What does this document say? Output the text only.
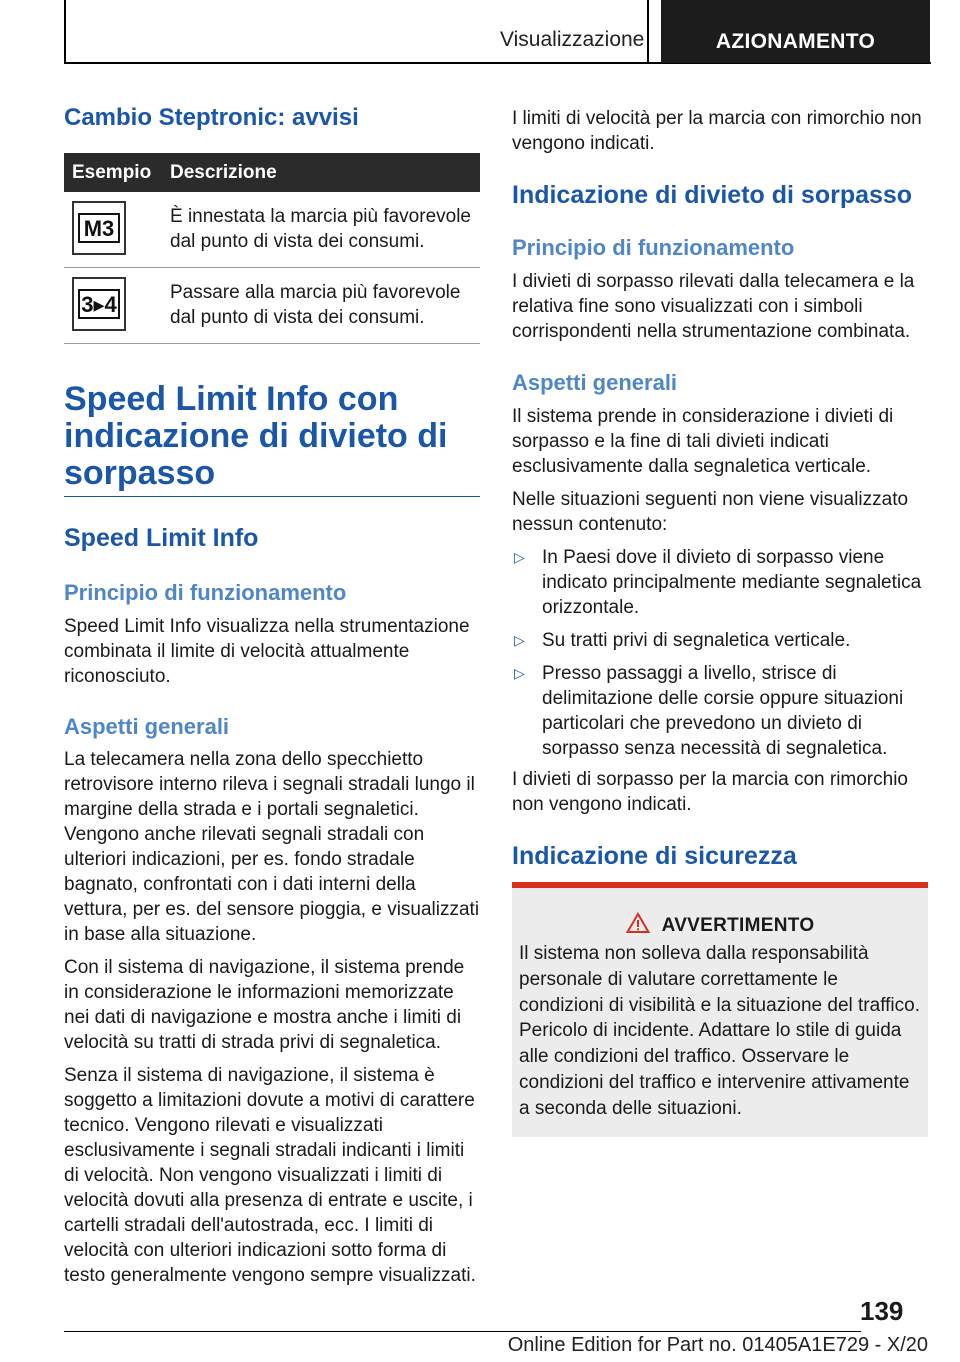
Visualizzazione	AZIONAMENTO
Cambio Steptronic: avvisi
Esempio Descrizione
M3	È innestata la marcia più favorevole dal punto di vista dei consumi.
3▸4	Passare alla marcia più favorevole dal punto di vista dei consumi.
Speed Limit Info con
indicazione di divieto di
sorpasso
Speed Limit Info
Principio di funzionamento

Speed Limit Info visualizza nella strumentazione combinata il limite di velocità attualmente riconosciuto.

Aspetti generali

La telecamera nella zona dello specchietto retrovisore interno rileva i segnali stradali lungo il margine della strada e i portali segnaletici. Vengono anche rilevati segnali stradali con ulteriori indicazioni, per es. fondo stradale bagnato, confrontati con i dati interni della vettura, per es. del sensore pioggia, e visualizzati in base alla situazione.

Con il sistema di navigazione, il sistema prende in considerazione le informazioni memorizzate nei dati di navigazione e mostra anche i limiti di velocità su tratti di strada privi di segnaletica.

Senza il sistema di navigazione, il sistema è soggetto a limitazioni dovute a motivi di carattere tecnico. Vengono rilevati e visualizzati esclusivamente i segnali stradali indicanti i limiti di velocità. Non vengono visualizzati i limiti di velocità dovuti alla presenza di entrate e uscite, i cartelli stradali dell'autostrada, ecc. I limiti di velocità con ulteriori indicazioni sotto forma di testo generalmente vengono sempre visualizzati.

I limiti di velocità per la marcia con rimorchio non vengono indicati.

Indicazione di divieto di sorpasso
Principio di funzionamento

I divieti di sorpasso rilevati dalla telecamera e la relativa fine sono visualizzati con i simboli corrispondenti nella strumentazione combinata.

Aspetti generali

Il sistema prende in considerazione i divieti di sorpasso e la fine di tali divieti indicati esclusivamente dalla segnaletica verticale.

Nelle situazioni seguenti non viene visualizzato nessun contenuto:

▷ In Paesi dove il divieto di sorpasso viene indicato principalmente mediante segnaletica orizzontale.
▷ Su tratti privi di segnaletica verticale.
▷ Presso passaggi a livello, strisce di delimitazione delle corsie oppure situazioni particolari che prevedono un divieto di sorpasso senza necessità di segnaletica.

I divieti di sorpasso per la marcia con rimorchio non vengono indicati.

Indicazione di sicurezza
AVVERTIMENTO
Il sistema non solleva dalla responsabilità personale di valutare correttamente le condizioni di visibilità e la situazione del traffico. Pericolo di incidente. Adattare lo stile di guida alle condizioni del traffico. Osservare le condizioni del traffico e intervenire attivamente a seconda delle situazioni.
139
Online Edition for Part no. 01405A1E729 - X/20
